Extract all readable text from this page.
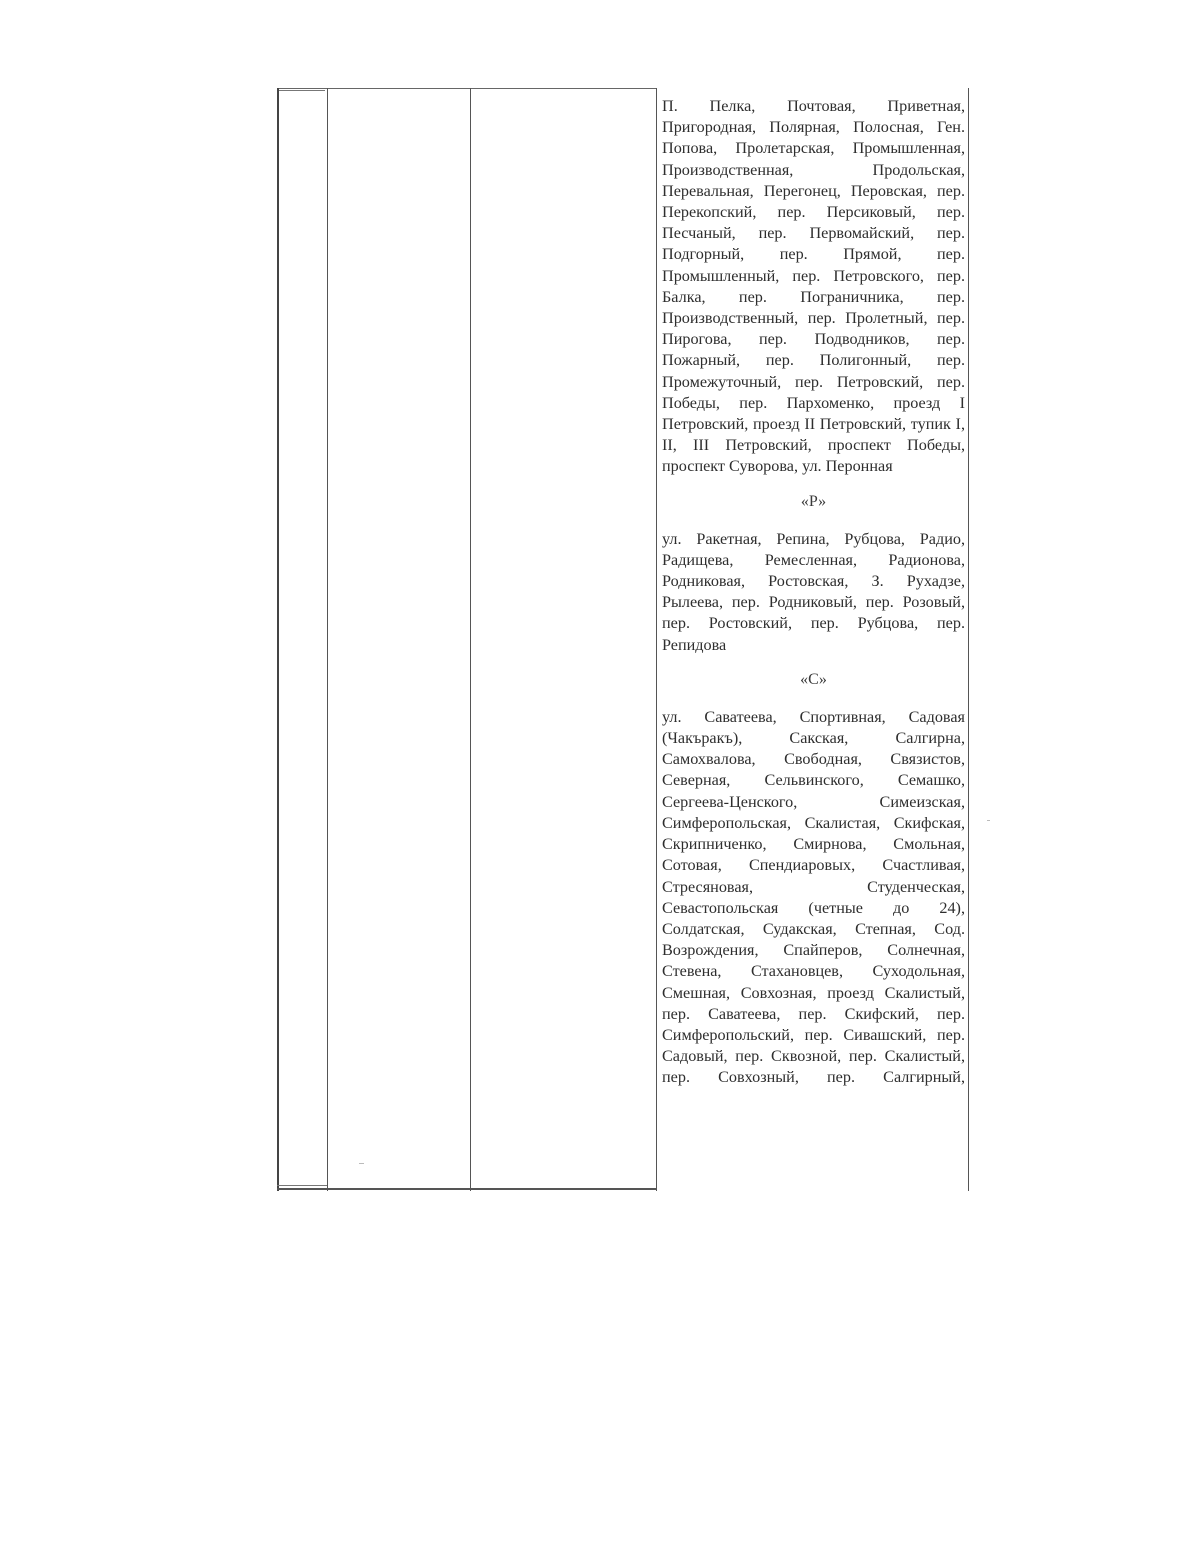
П. Пелка, Почтовая, Приветная, Пригородная, Полярная, Полосная, Ген. Попова, Пролетарская, Промышленная, Производственная, Продольская, Перевальная, Перегонец, Перовская, пер. Перекопский, пер. Персиковый, пер. Песчаный, пер. Первомайский, пер. Подгорный, пер. Прямой, пер. Промышленный, пер. Петровского, пер. Балка, пер. Пограничника, пер. Производственный, пер. Пролетный, пер. Пирогова, пер. Подводников, пер. Пожарный, пер. Полигонный, пер. Промежуточный, пер. Петровский, пер. Победы, пер. Пархоменко, проезд I Петровский, проезд II Петровский, тупик I, II, III Петровский, проспект Победы, проспект Суворова, ул. Перонная

«Р»

ул. Ракетная, Репина, Рубцова, Радио, Радищева, Ремесленная, Радионова, Родниковая, Ростовская, З. Рухадзе, Рылеева, пер. Родниковый, пер. Розовый, пер. Ростовский, пер. Рубцова, пер. Репидова

«С»

ул. Саватеева, Спортивная, Садовая (Чакъракъ), Сакская, Салгирна, Самохвалова, Свободная, Связистов, Северная, Сельвинского, Семашко, Сергеева-Ценского, Симеизская, Симферопольская, Скалистая, Скифская, Скрипниченко, Смирнова, Смольная, Сотовая, Спендиаровых, Счастливая, Стресяновая, Студенческая, Севастопольская (четные до 24), Солдатская, Судакская, Степная, Сод. Возрождения, Спайперов, Солнечная, Стевена, Стахановцев, Суходольная, Смешная, Совхозная, проезд Скалистый, пер. Саватеева, пер. Скифский, пер. Симферопольский, пер. Сивашский, пер. Садовый, пер. Сквозной, пер. Скалистый, пер. Совхозный, пер. Салгирный,
